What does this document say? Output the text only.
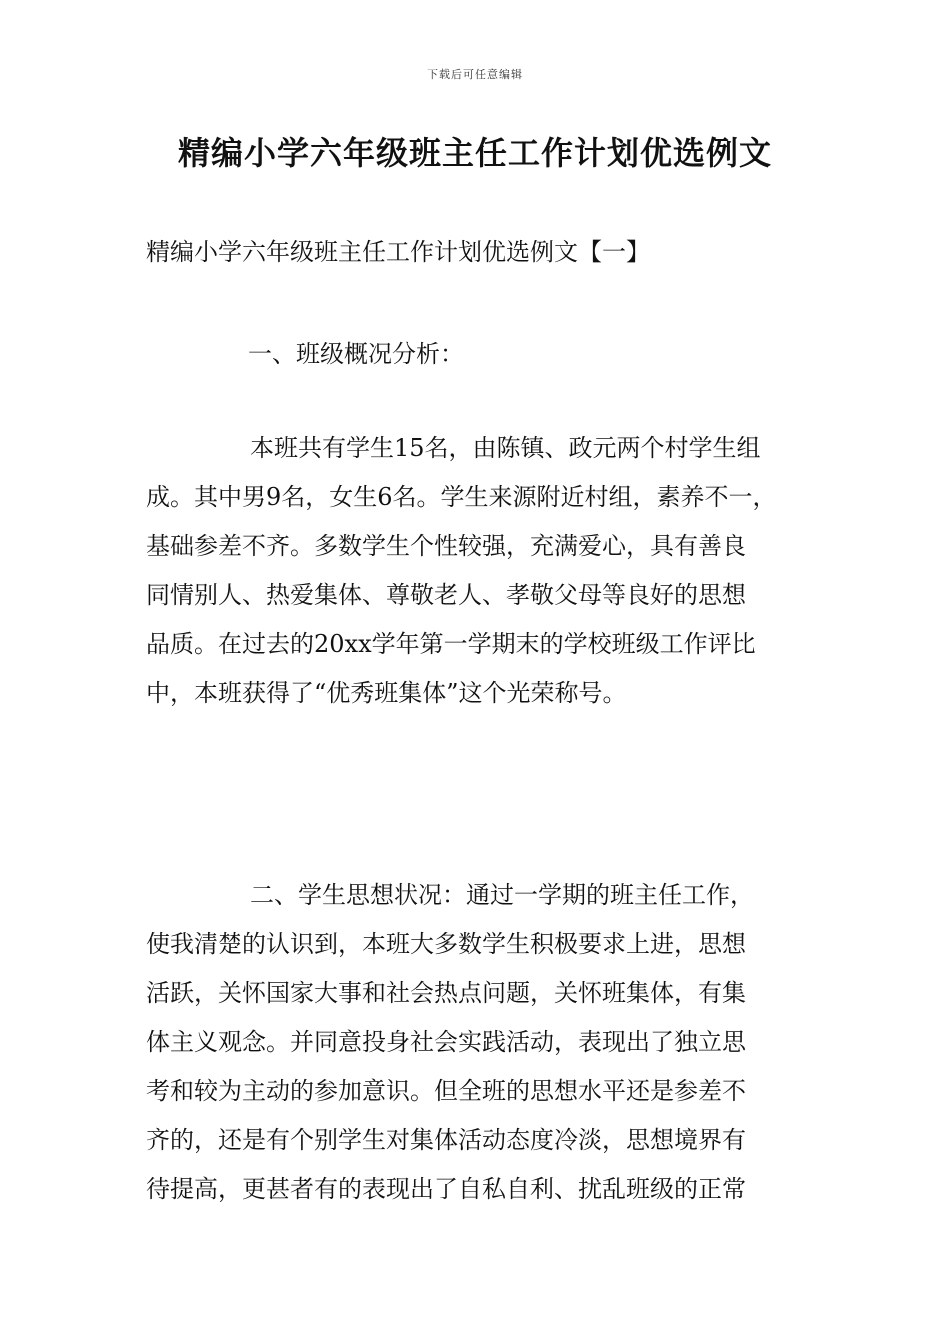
下载后可任意编辑
精编小学六年级班主任工作计划优选例文
精编小学六年级班主任工作计划优选例文【一】
一、班级概况分析：
本班共有学生15名，由陈镇、政元两个村学生组
成。其中男9名，女生6名。学生来源附近村组，素养不一，
基础参差不齐。多数学生个性较强，充满爱心，具有善良
同情别人、热爱集体、尊敬老人、孝敬父母等良好的思想
品质。在过去的20xx学年第一学期末的学校班级工作评比
中，本班获得了“优秀班集体”这个光荣称号。
二、学生思想状况：通过一学期的班主任工作，
使我清楚的认识到，本班大多数学生积极要求上进，思想
活跃，关怀国家大事和社会热点问题，关怀班集体，有集
体主义观念。并同意投身社会实践活动，表现出了独立思
考和较为主动的参加意识。但全班的思想水平还是参差不
齐的，还是有个别学生对集体活动态度冷淡，思想境界有
待提高，更甚者有的表现出了自私自利、扰乱班级的正常
